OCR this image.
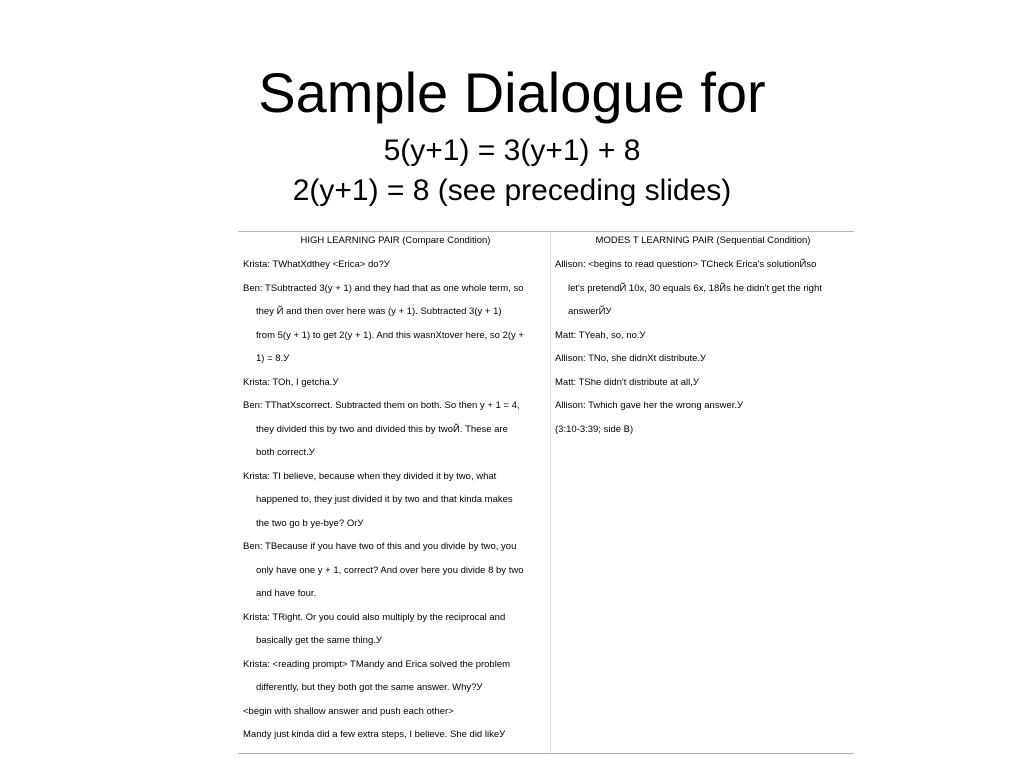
Sample Dialogue for
5(y+1) = 3(y+1) + 8
2(y+1) = 8 (see preceding slides)
HIGH LEARNING PAIR (Compare Condition)
Krista: TWhatXdthey <Erica> do?У
Ben: TSubtracted 3(y + 1) and they had that as one whole term, so
they Й and then over here was (y + 1). Subtracted 3(y + 1)
from 5(y + 1) to get 2(y + 1). And this wasnXtover here, so 2(y +
1) = 8.У
Krista: TOh, I getcha.У
Ben: TThatXscorrect. Subtracted them on both. So then y + 1 = 4,
they divided this by two and divided this by twoЙ. These are
both correct.У
Krista: TI believe, because when they divided it by two, what
happened to, they just divided it by two and that kinda makes
the two go b ye-bye? OrУ
Ben: TBecause if you have two of this and you divide by two, you
only have one y + 1, correct? And over here you divide 8 by two
and have four.
Krista: TRight. Or you could also multiply by the reciprocal and
basically get the same thing.У
Krista: <reading prompt> TMandy and Erica solved the problem
differently, but they both got the same answer. Why?У
<begin with shallow answer and push each other>
Mandy just kinda did a few extra steps, I believe. She did likeУ
MODES T LEARNING PAIR (Sequential Condition)
Allison: <begins to read question> TCheck Erica's solutiоnЙso
let's pretendЙ 10x, 30 equals 6x, 18Йs he didn't get the right
answerЙУ
Matt: TYeah, so, no.У
Allison: TNo, she didnXt distribute.У
Matt: TShe didn't distribute at all,У
Allison: Twhich gave her the wrong answer.У
(3:10-3:39; side B)
